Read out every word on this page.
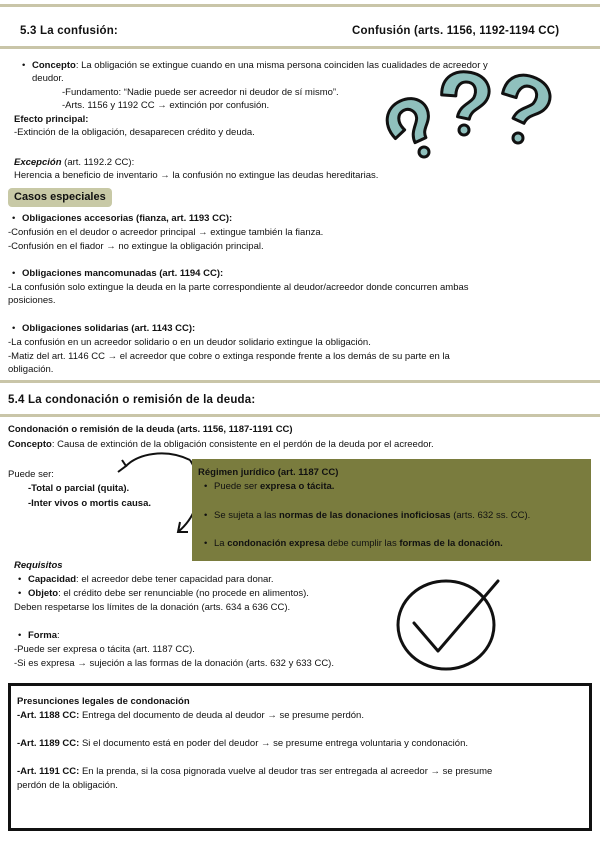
5.3 La confusión:	Confusión (arts. 1156, 1192-1194 CC)
• Concepto: La obligación se extingue cuando en una misma persona coinciden las cualidades de acreedor y
deudor.
-Fundamento: “Nadie puede ser acreedor ni deudor de sí mismo”.
-Arts. 1156 y 1192 CC → extinción por confusión.
Efecto principal:
-Extinción de la obligación, desaparecen crédito y deuda.
Excepción (art. 1192.2 CC):
Herencia a beneficio de inventario → la confusión no extingue las deudas hereditarias.
Casos especiales
• Obligaciones accesorias (fianza, art. 1193 CC):
-Confusión en el deudor o acreedor principal → extingue también la fianza.
-Confusión en el fiador → no extingue la obligación principal.
• Obligaciones mancomunadas (art. 1194 CC):
-La confusión solo extingue la deuda en la parte correspondiente al deudor/acreedor donde concurren ambas
posiciones.
• Obligaciones solidarias (art. 1143 CC):
-La confusión en un acreedor solidario o en un deudor solidario extingue la obligación.
-Matiz del art. 1146 CC → el acreedor que cobre o extinga responde frente a los demás de su parte en la
obligación.
5.4 La condonación o remisión de la deuda:
Condonación o remisión de la deuda (arts. 1156, 1187-1191 CC)
Concepto: Causa de extinción de la obligación consistente en el perdón de la deuda por el acreedor.
Puede ser:
-Total o parcial (quita).
-Inter vivos o mortis causa.
Régimen jurídico (art. 1187 CC)
• Puede ser expresa o tácita.
• Se sujeta a las normas de las donaciones inoficiosas (arts. 632 ss. CC).
• La condonación expresa debe cumplir las formas de la donación.
Requisitos
• Capacidad: el acreedor debe tener capacidad para donar.
• Objeto: el crédito debe ser renunciable (no procede en alimentos).
Deben respetarse los límites de la donación (arts. 634 a 636 CC).
• Forma:
-Puede ser expresa o tácita (art. 1187 CC).
-Si es expresa → sujeción a las formas de la donación (arts. 632 y 633 CC).
Presunciones legales de condonación
-Art. 1188 CC: Entrega del documento de deuda al deudor → se presume perdón.
-Art. 1189 CC: Si el documento está en poder del deudor → se presume entrega voluntaria y condonación.
-Art. 1191 CC: En la prenda, si la cosa pignorada vuelve al deudor tras ser entregada al acreedor → se presume
perdón de la obligación.
